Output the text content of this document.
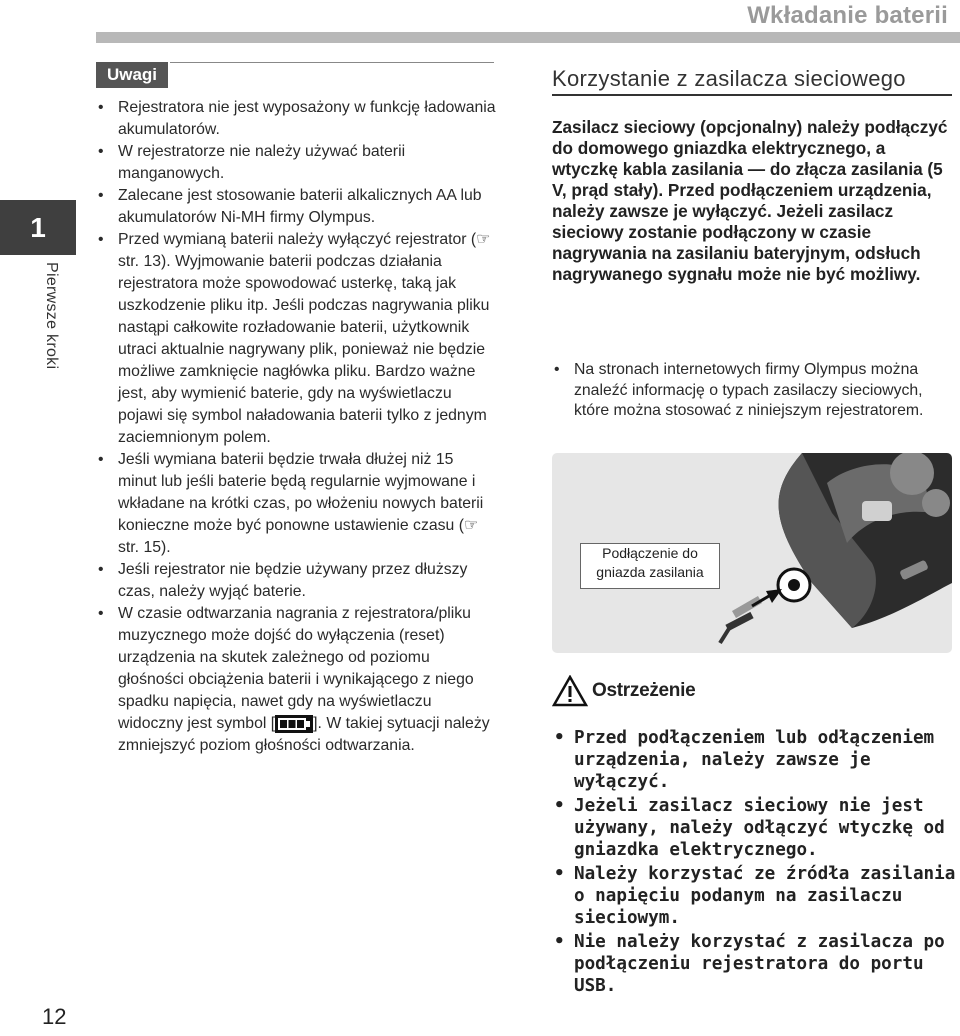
Wkładanie baterii
1
Pierwsze kroki
12
Uwagi
• Rejestratora nie jest wyposażony w funkcję ładowania akumulatorów.
• W rejestratorze nie należy używać baterii manganowych.
• Zalecane jest stosowanie baterii alkalicznych AA lub akumulatorów Ni-MH firmy Olympus.
• Przed wymianą baterii należy wyłączyć rejestrator (☞ str. 13). Wyjmowanie baterii podczas działania rejestratora może spowodować usterkę, taką jak uszkodzenie pliku itp. Jeśli podczas nagrywania pliku nastąpi całkowite rozładowanie baterii, użytkownik utraci aktualnie nagrywany plik, ponieważ nie będzie możliwe zamknięcie nagłówka pliku. Bardzo ważne jest, aby wymienić baterie, gdy na wyświetlaczu pojawi się symbol naładowania baterii tylko z jednym zaciemnionym polem.
• Jeśli wymiana baterii będzie trwała dłużej niż 15 minut lub jeśli baterie będą regularnie wyjmowane i wkładane na krótki czas, po włożeniu nowych baterii konieczne może być ponowne ustawienie czasu (☞ str. 15).
• Jeśli rejestrator nie będzie używany przez dłuższy czas, należy wyjąć baterie.
• W czasie odtwarzania nagrania z rejestratora/pliku muzycznego może dojść do wyłączenia (reset) urządzenia na skutek zależnego od poziomu głośności obciążenia baterii i wynikającego z niego spadku napięcia, nawet gdy na wyświetlaczu widoczny jest symbol [ ]. W takiej sytuacji należy zmniejszyć poziom głośności odtwarzania.
Korzystanie z zasilacza sieciowego
Zasilacz sieciowy (opcjonalny) należy podłączyć do domowego gniazdka elektrycznego, a wtyczkę kabla zasilania — do złącza zasilania (5 V, prąd stały). Przed podłączeniem urządzenia, należy zawsze je wyłączyć. Jeżeli zasilacz sieciowy zostanie podłączony w czasie nagrywania na zasilaniu bateryjnym, odsłuch nagrywanego sygnału może nie być możliwy.
• Na stronach internetowych firmy Olympus można znaleźć informację o typach zasilaczy sieciowych, które można stosować z niniejszym rejestratorem.
Podłączenie do gniazda zasilania
Ostrzeżenie
• Przed podłączeniem lub odłączeniem urządzenia, należy zawsze je wyłączyć.
• Jeżeli zasilacz sieciowy nie jest używany, należy odłączyć wtyczkę od gniazdka elektrycznego.
• Należy korzystać ze źródła zasilania o napięciu podanym na zasilaczu sieciowym.
• Nie należy korzystać z zasilacza po podłączeniu rejestratora do portu USB.
